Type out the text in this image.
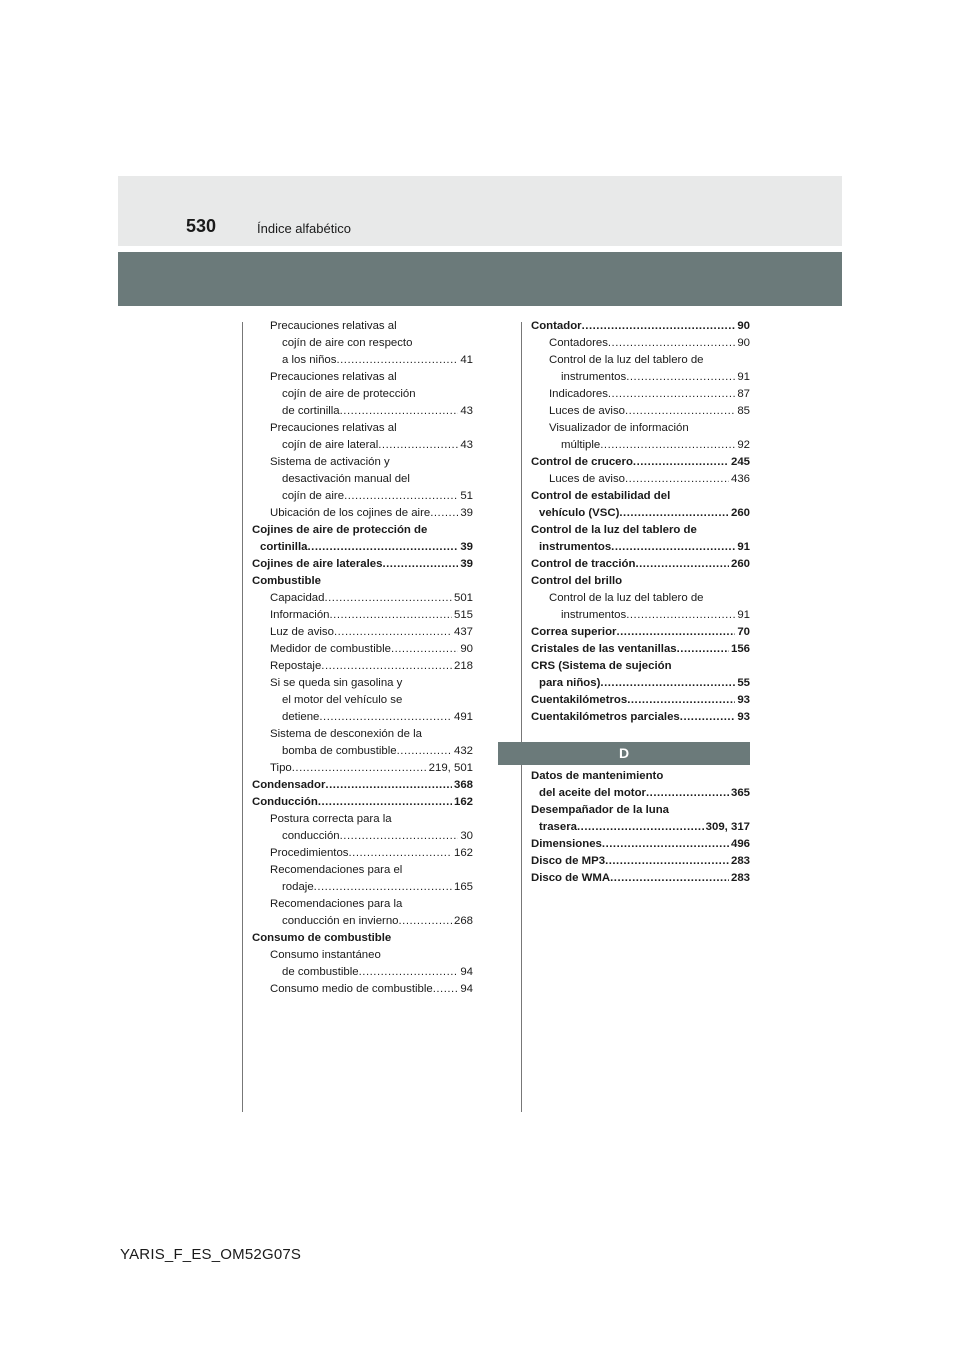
530	Índice alfabético
Precauciones relativas al
cojín de aire con respecto
a los niños .....	41
Precauciones relativas al
cojín de aire de protección
de cortinilla .....	43
Precauciones relativas al
cojín de aire lateral .....	43
Sistema de activación y
desactivación manual del
cojín de aire .....	51
Ubicación de los cojines de aire .....	39
Cojines de aire de protección de
cortinilla .....	39
Cojines de aire laterales .....	39
Combustible
Capacidad .....	501
Información .....	515
Luz de aviso .....	437
Medidor de combustible .....	90
Repostaje .....	218
Si se queda sin gasolina y
el motor del vehículo se
detiene .....	491
Sistema de desconexión de la
bomba de combustible .....	432
Tipo .....	219, 501
Condensador .....	368
Conducción .....	162
Postura correcta para la
conducción .....	30
Procedimientos .....	162
Recomendaciones para el
rodaje .....	165
Recomendaciones para la
conducción en invierno .....	268
Consumo de combustible
Consumo instantáneo
de combustible .....	94
Consumo medio de combustible ..... 94
Contador .....	90
Contadores .....	90
Control de la luz del tablero de
instrumentos .....	91
Indicadores .....	87
Luces de aviso .....	85
Visualizador de información
múltiple .....	92
Control de crucero .....	245
Luces de aviso .....	436
Control de estabilidad del
vehículo (VSC) .....	260
Control de la luz del tablero de
instrumentos .....	91
Control de tracción .....	260
Control del brillo
Control de la luz del tablero de
instrumentos .....	91
Correa superior .....	70
Cristales de las ventanillas .....	156
CRS (Sistema de sujeción
para niños) .....	55
Cuentakilómetros .....	93
Cuentakilómetros parciales .....	93
D
Datos de mantenimiento
del aceite del motor .....	365
Desempañador de la luna
trasera .....	309, 317
Dimensiones .....	496
Disco de MP3 .....	283
Disco de WMA .....	283
YARIS_F_ES_OM52G07S
